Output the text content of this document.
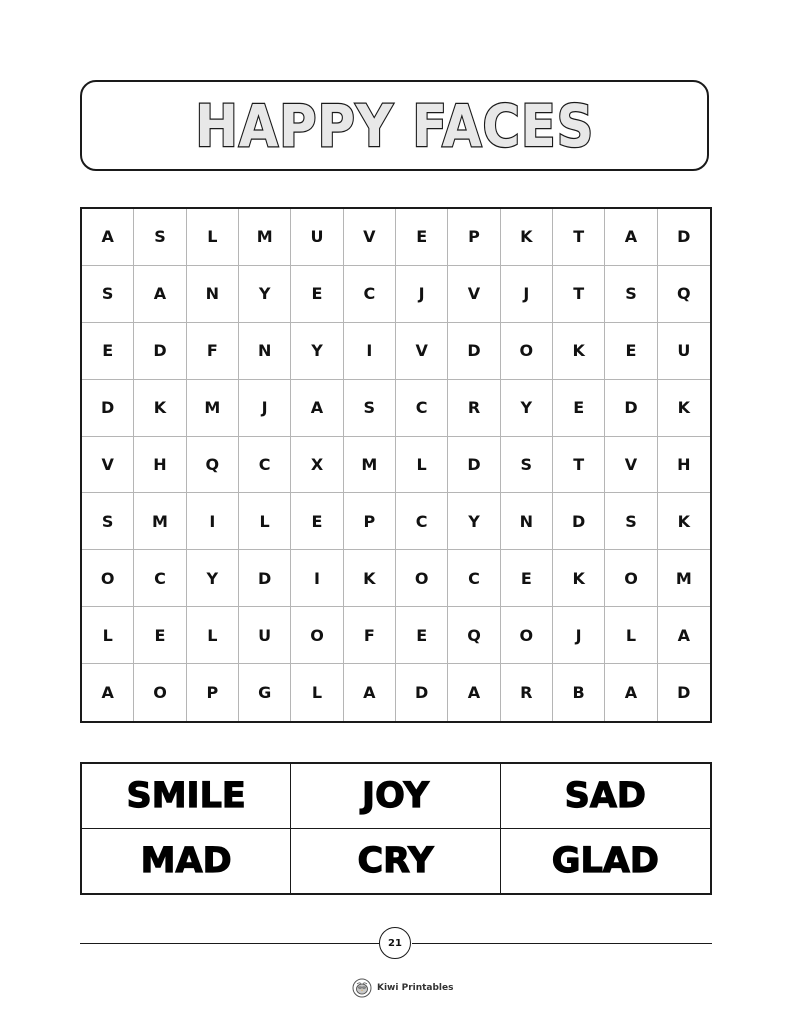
HAPPY FACES
A	S	L	M	U	V	E	P	K	T	A	D
S	A	N	Y	E	C	J	V	J	T	S	Q
E	D	F	N	Y	I	V	D	O	K	E	U
D	K	M	J	A	S	C	R	Y	E	D	K
V	H	Q	C	X	M	L	D	S	T	V	H
S	M	I	L	E	P	C	Y	N	D	S	K
O	C	Y	D	I	K	O	C	E	K	O	M
L	E	L	U	O	F	E	Q	O	J	L	A
A	O	P	G	L	A	D	A	R	B	A	D
SMILE	JOY	SAD
MAD	CRY	GLAD
21
Kiwi Printables
